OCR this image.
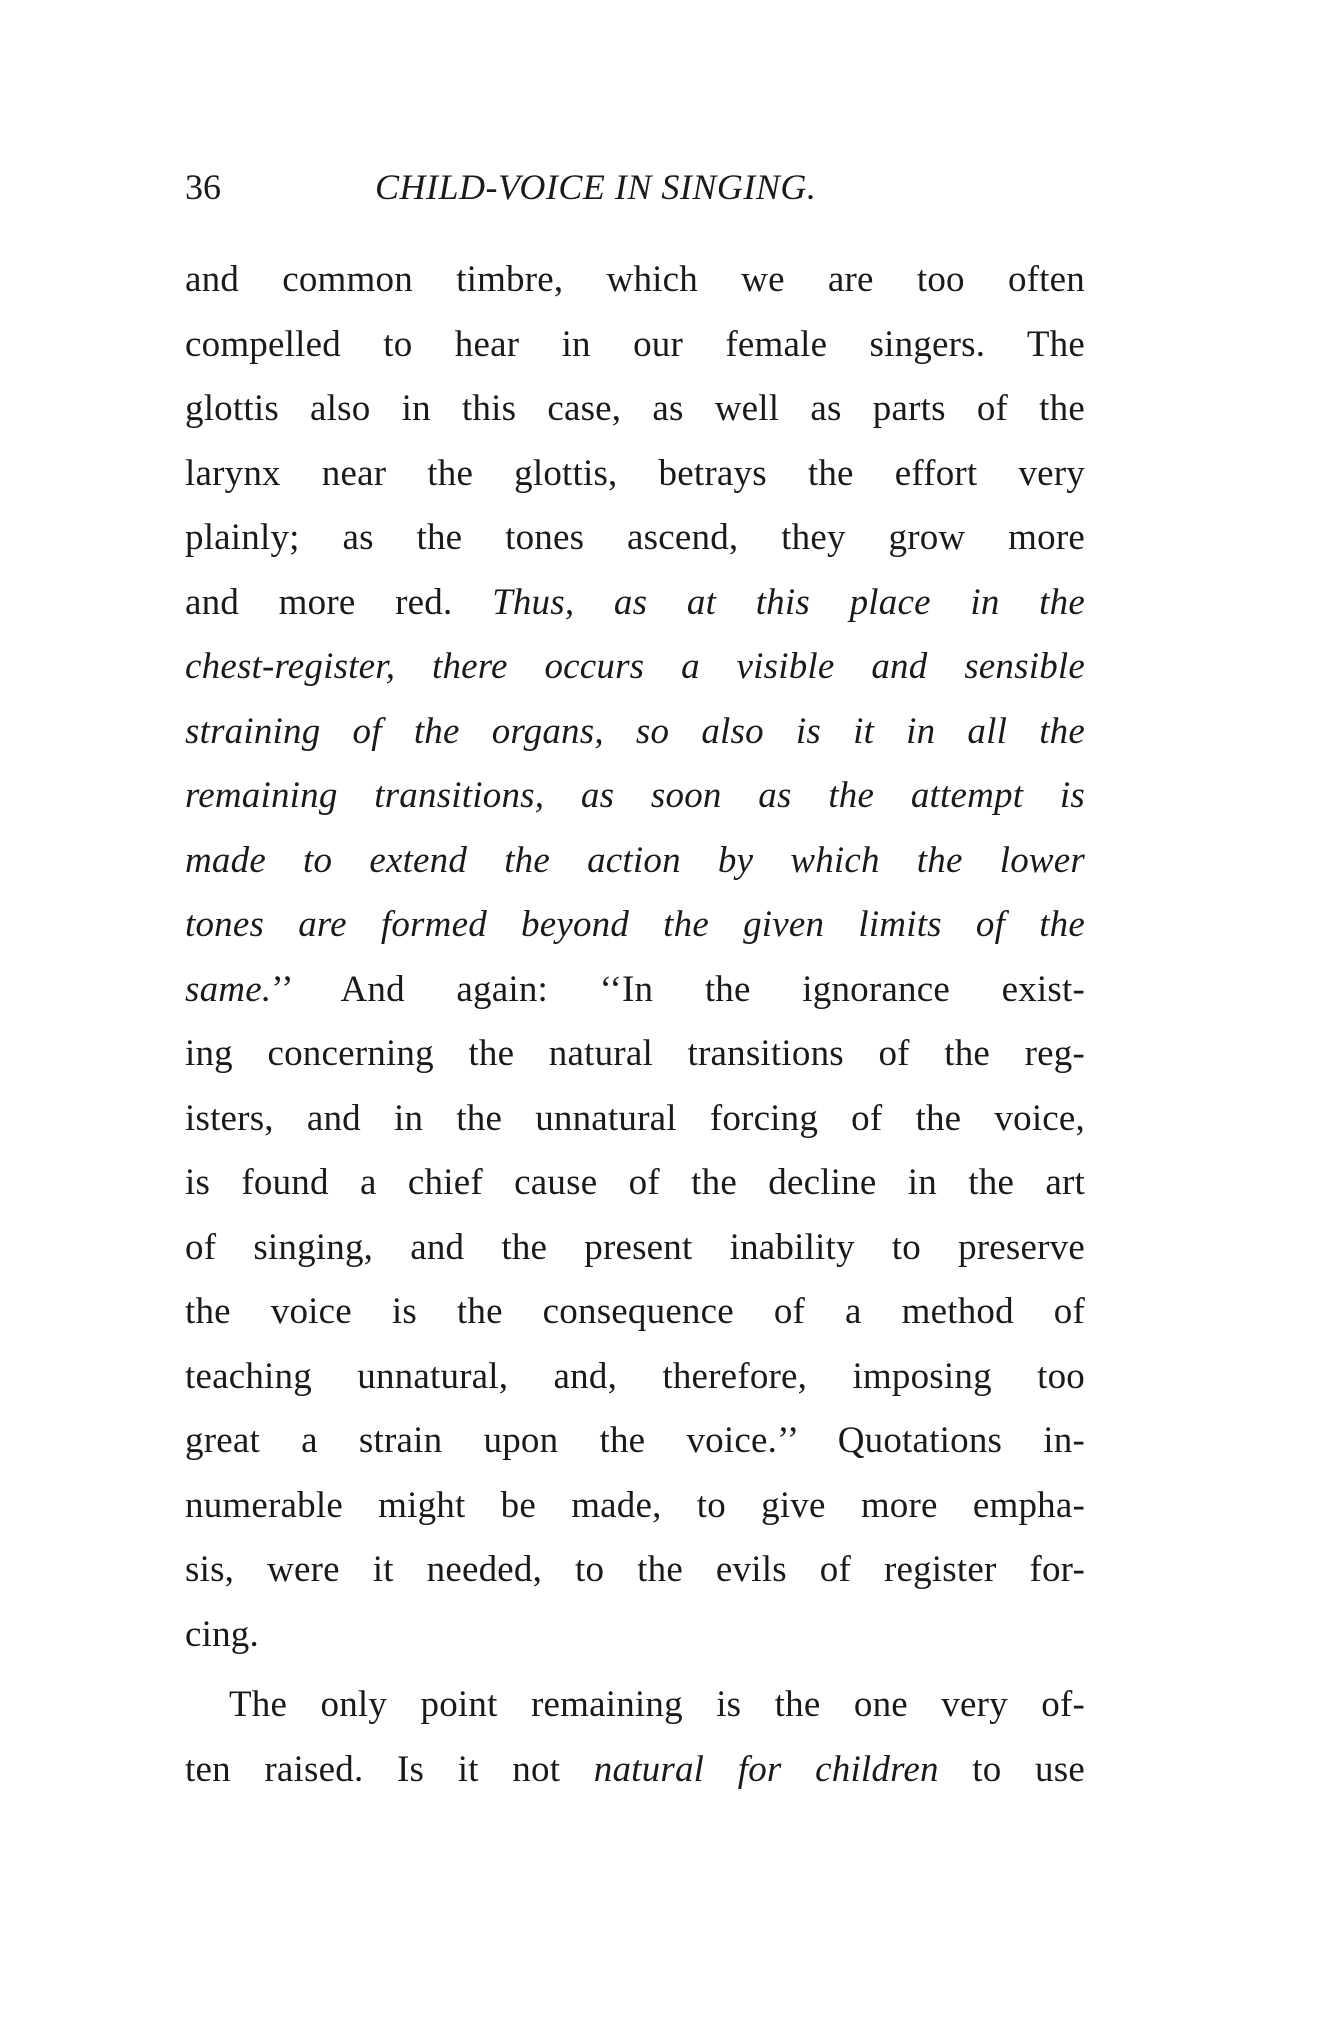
36	CHILD-VOICE IN SINGING.
and common timbre, which we are too often
compelled to hear in our female singers. The
glottis also in this case, as well as parts of the
larynx near the glottis, betrays the effort very
plainly; as the tones ascend, they grow more
and more red. Thus, as at this place in the
chest-register, there occurs a visible and sensible
straining of the organs, so also is it in all the
remaining transitions, as soon as the attempt is
made to extend the action by which the lower
tones are formed beyond the given limits of the
same.’’ And again: ‘‘In the ignorance exist-
ing concerning the natural transitions of the reg-
isters, and in the unnatural forcing of the voice,
is found a chief cause of the decline in the art
of singing, and the present inability to preserve
the voice is the consequence of a method of
teaching unnatural, and, therefore, imposing too
great a strain upon the voice.’’ Quotations in-
numerable might be made, to give more empha-
sis, were it needed, to the evils of register for-
cing.
The only point remaining is the one very of-
ten raised. Is it not natural for children to use
